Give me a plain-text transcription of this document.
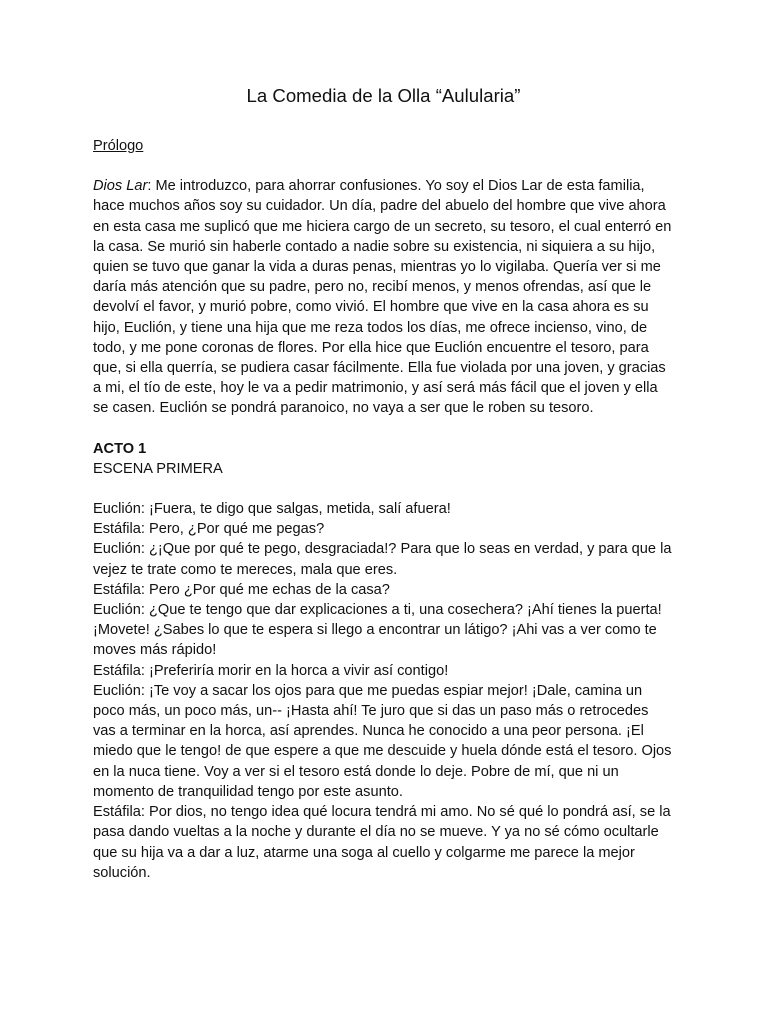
La Comedia de la Olla “Aulularia”
Prólogo

Dios Lar: Me introduzco, para ahorrar confusiones. Yo soy el Dios Lar de esta familia, hace muchos años soy su cuidador. Un día, padre del abuelo del hombre que vive ahora en esta casa me suplicó que me hiciera cargo de un secreto, su tesoro, el cual enterró en la casa. Se murió sin haberle contado a nadie sobre su existencia, ni siquiera a su hijo, quien se tuvo que ganar la vida a duras penas, mientras yo lo vigilaba. Quería ver si me daría más atención que su padre, pero no, recibí menos, y menos ofrendas, así que le devolví el favor, y murió pobre, como vivió. El hombre que vive en la casa ahora es su hijo, Euclión, y tiene una hija que me reza todos los días, me ofrece incienso, vino, de todo, y me pone coronas de flores. Por ella hice que Euclión encuentre el tesoro, para que, si ella querría, se pudiera casar fácilmente. Ella fue violada por una joven, y gracias a mi, el tío de este, hoy le va a pedir matrimonio, y así será más fácil que el joven y ella se casen. Euclión se pondrá paranoico, no vaya a ser que le roben su tesoro.

ACTO 1
ESCENA PRIMERA

Euclión: ¡Fuera, te digo que salgas, metida, salí afuera!

Estáfila: Pero, ¿Por qué me pegas?

Euclión: ¿¡Que por qué te pego, desgraciada!? Para que lo seas en verdad, y para que la vejez te trate como te mereces, mala que eres.

Estáfila: Pero ¿Por qué me echas de la casa?

Euclión: ¿Que te tengo que dar explicaciones a ti, una cosechera? ¡Ahí tienes la puerta! ¡Movete! ¿Sabes lo que te espera si llego a encontrar un látigo? ¡Ahi vas a ver como te moves más rápido!

Estáfila: ¡Preferiría morir en la horca a vivir así contigo!

Euclión: ¡Te voy a sacar los ojos para que me puedas espiar mejor! ¡Dale, camina un poco más, un poco más, un-- ¡Hasta ahí! Te juro que si das un paso más o retrocedes vas a terminar en la horca, así aprendes. Nunca he conocido a una peor persona. ¡El miedo que le tengo! de que espere a que me descuide y huela dónde está el tesoro. Ojos en la nuca tiene. Voy a ver si el tesoro está donde lo deje. Pobre de mí, que ni un momento de tranquilidad tengo por este asunto.

Estáfila: Por dios, no tengo idea qué locura tendrá mi amo. No sé qué lo pondrá así, se la pasa dando vueltas a la noche y durante el día no se mueve. Y ya no sé cómo ocultarle que su hija va a dar a luz, atarme una soga al cuello y colgarme me parece la mejor solución.
